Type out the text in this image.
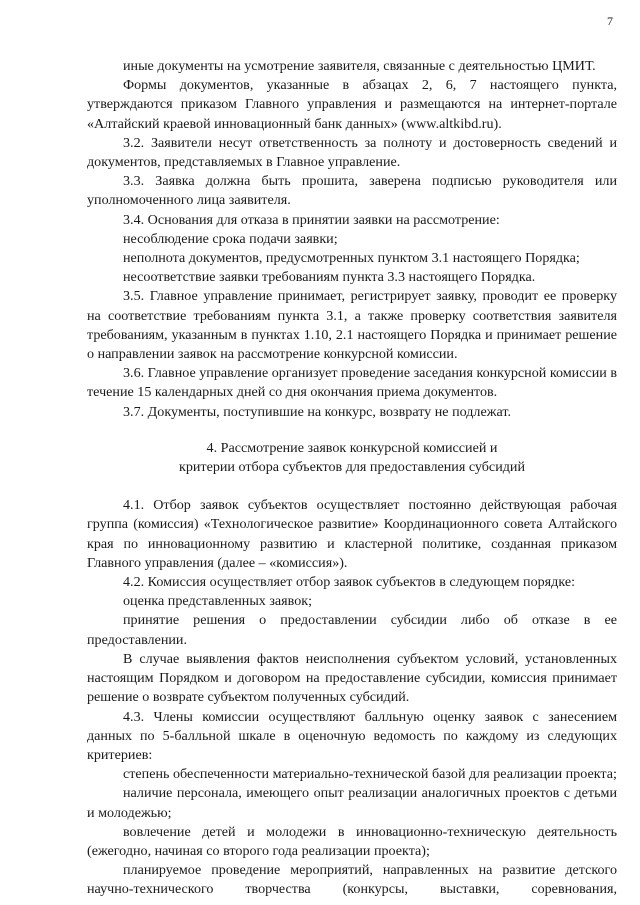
7

иные документы на усмотрение заявителя, связанные с деятельностью ЦМИТ.

Формы документов, указанные в абзацах 2, 6, 7 настоящего пункта, утверждаются приказом Главного управления и размещаются на интернет-портале «Алтайский краевой инновационный банк данных» (www.altkibd.ru).

3.2. Заявители несут ответственность за полноту и достоверность сведений и документов, представляемых в Главное управление.

3.3. Заявка должна быть прошита, заверена подписью руководителя или уполномоченного лица заявителя.

3.4. Основания для отказа в принятии заявки на рассмотрение:

несоблюдение срока подачи заявки;

неполнота документов, предусмотренных пунктом 3.1 настоящего Порядка;

несоответствие заявки требованиям пункта 3.3 настоящего Порядка.

3.5. Главное управление принимает, регистрирует заявку, проводит ее проверку на соответствие требованиям пункта 3.1, а также проверку соответствия заявителя требованиям, указанным в пунктах 1.10, 2.1 настоящего Порядка и принимает решение о направлении заявок на рассмотрение конкурсной комиссии.

3.6. Главное управление организует проведение заседания конкурсной комиссии в течение 15 календарных дней со дня окончания приема документов.

3.7. Документы, поступившие на конкурс, возврату не подлежат.

4. Рассмотрение заявок конкурсной комиссией и

критерии отбора субъектов для предоставления субсидий

4.1. Отбор заявок субъектов осуществляет постоянно действующая рабочая группа (комиссия) «Технологическое развитие» Координационного совета Алтайского края по инновационному развитию и кластерной политике, созданная приказом Главного управления (далее – «комиссия»).

4.2. Комиссия осуществляет отбор заявок субъектов в следующем порядке:

оценка представленных заявок;

принятие решения о предоставлении субсидии либо об отказе в ее предоставлении.

В случае выявления фактов неисполнения субъектом условий, установленных настоящим Порядком и договором на предоставление субсидии, комиссия принимает решение о возврате субъектом полученных субсидий.

4.3. Члены комиссии осуществляют балльную оценку заявок с занесением данных по 5-балльной шкале в оценочную ведомость по каждому из следующих критериев:

степень обеспеченности материально-технической базой для реализации проекта;

наличие персонала, имеющего опыт реализации аналогичных проектов с детьми и молодежью;

вовлечение детей и молодежи в инновационно-техническую деятельность (ежегодно, начиная со второго года реализации проекта);

планируемое проведение мероприятий, направленных на развитие детского научно-технического творчества (конкурсы, выставки, соревнования,
